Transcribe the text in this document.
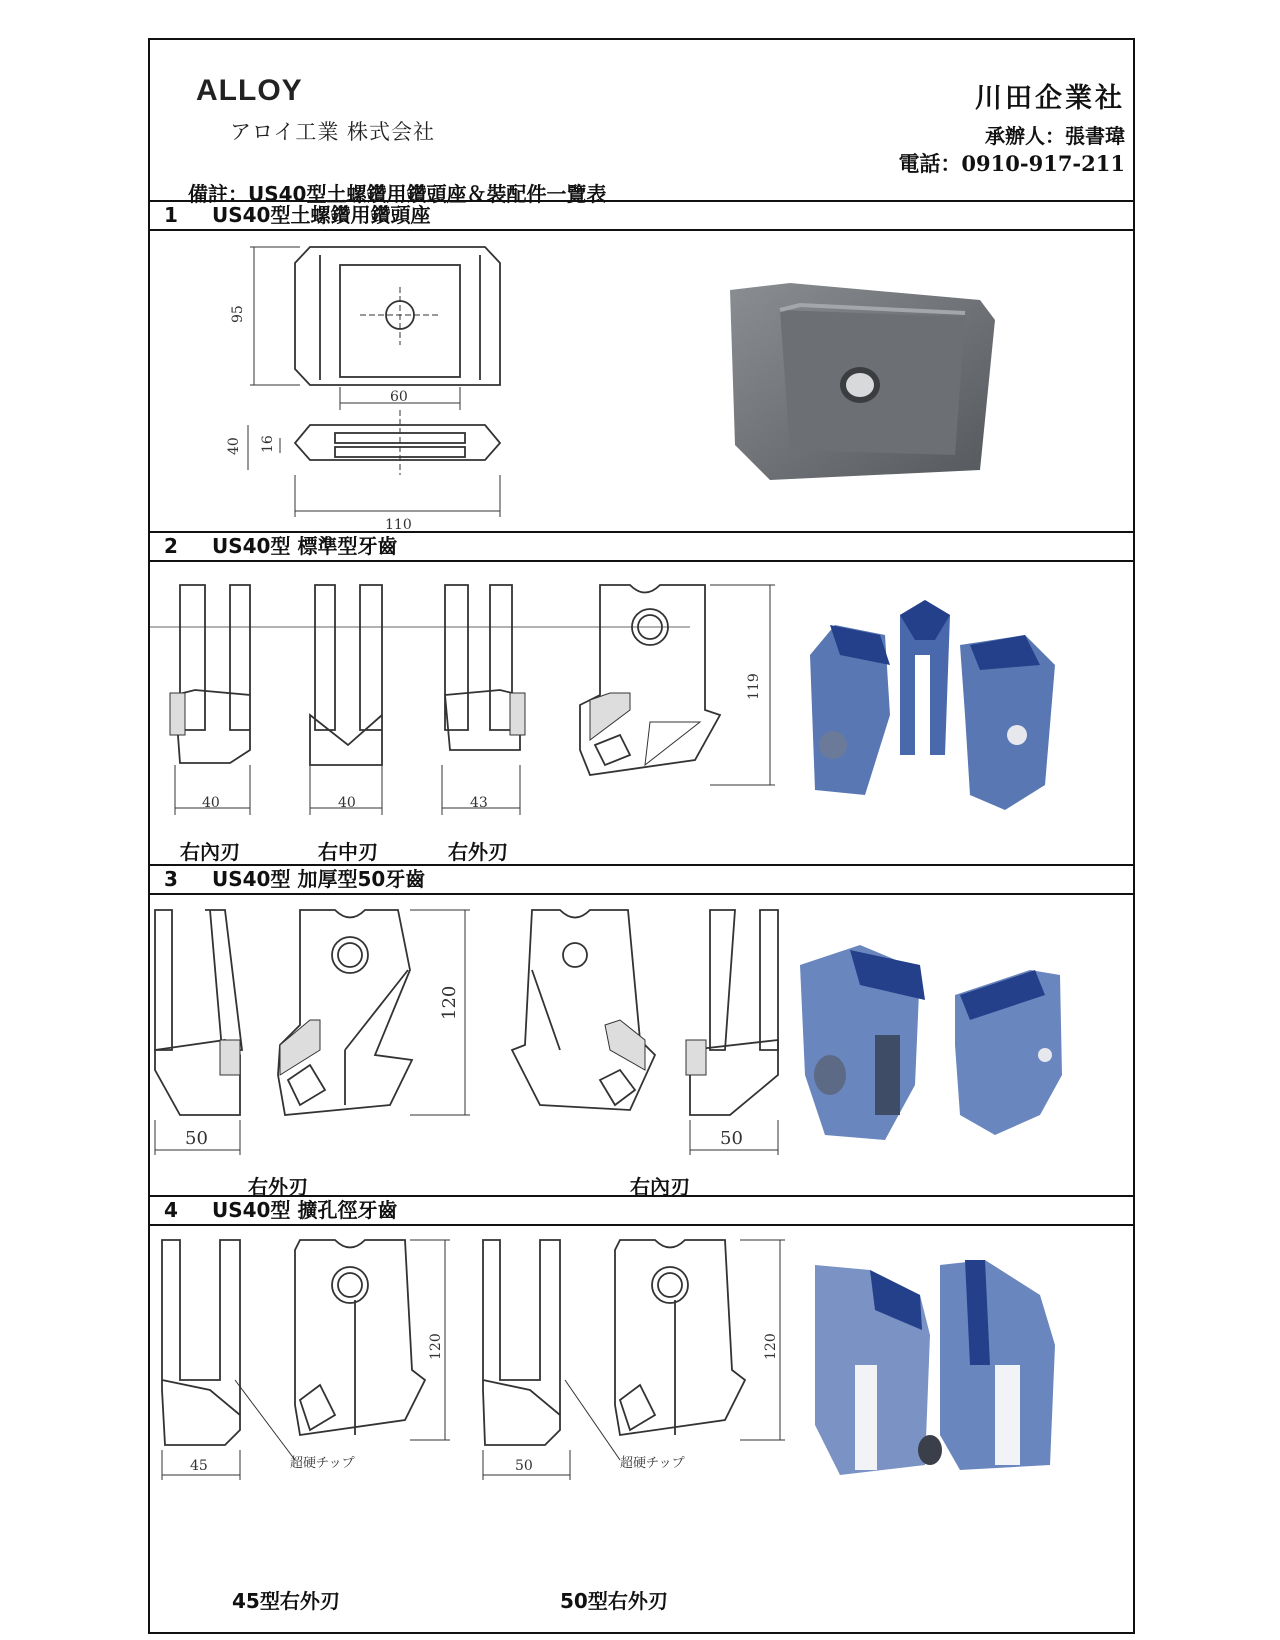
ALLOY
アロイ工業 株式会社
川田企業社
承辦人：張書瑋
電話：0910-917-211
備註：US40型土螺鑽用鑽頭座＆裝配件一覽表
1 US40型土螺鑽用鑽頭座
95
60
40 16
110
2 US40型 標準型牙齒
40	40	43
119
右內刃	右中刃	右外刃
3 US40型 加厚型50牙齒
120
50	50
右外刃	右內刃
4 US40型 擴孔徑牙齒
45
120
50
120
超硬チップ	超硬チップ
45型右外刃	50型右外刃
